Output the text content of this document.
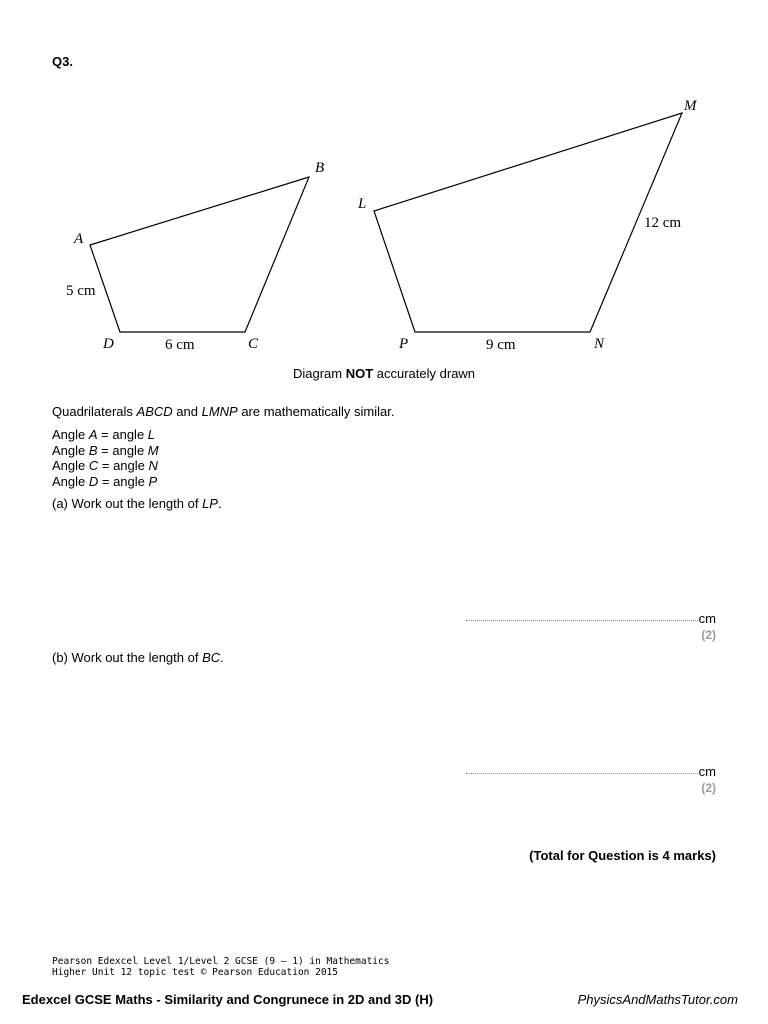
Q3.
A
B
C
D
5 cm
6 cm
L
M
N
P
12 cm
9 cm
Diagram NOT accurately drawn
Quadrilaterals ABCD and LMNP are mathematically similar.
Angle A = angle L
Angle B = angle M
Angle C = angle N
Angle D = angle P
(a) Work out the length of LP.
cm
(2)
(b) Work out the length of BC.
cm
(2)
(Total for Question is 4 marks)
Pearson Edexcel Level 1/Level 2 GCSE (9 – 1) in Mathematics
Higher Unit 12 topic test © Pearson Education 2015
Edexcel GCSE Maths - Similarity and Congrunece in 2D and 3D (H)	PhysicsAndMathsTutor.com
